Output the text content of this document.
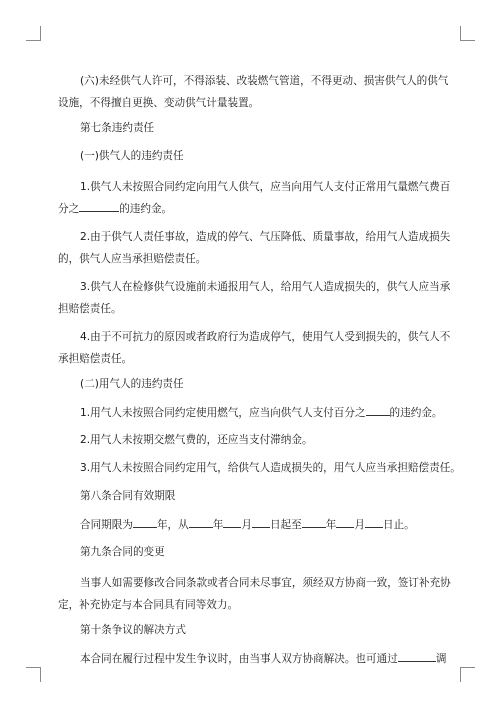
(六)未经供气人许可，不得添装、改装燃气管道，不得更动、损害供气人的供气
设施，不得擅自更换、变动供气计量装置。
第七条违约责任
(一)供气人的违约责任
1.供气人未按照合同约定向用气人供气，应当向用气人支付正常用气量燃气费百
分之	的违约金。
2.由于供气人责任事故，造成的停气、气压降低、质量事故，给用气人造成损失
的，供气人应当承担赔偿责任。
3.供气人在检修供气设施前未通报用气人，给用气人造成损失的，供气人应当承
担赔偿责任。
4.由于不可抗力的原因或者政府行为造成停气，使用气人受到损失的，供气人不
承担赔偿责任。
(二)用气人的违约责任
1.用气人未按照合同约定使用燃气，应当向供气人支付百分之 的违约金。
2.用气人未按期交燃气费的，还应当支付滞纳金。
3.用气人未按照合同约定用气，给供气人造成损失的，用气人应当承担赔偿责任。
第八条合同有效期限
合同期限为 年，从 年 月 日起至 年 月 日止。
第九条合同的变更
当事人如需要修改合同条款或者合同未尽事宜，须经双方协商一致，签订补充协
定，补充协定与本合同具有同等效力。
第十条争议的解决方式
本合同在履行过程中发生争议时，由当事人双方协商解决。也可通过	调
